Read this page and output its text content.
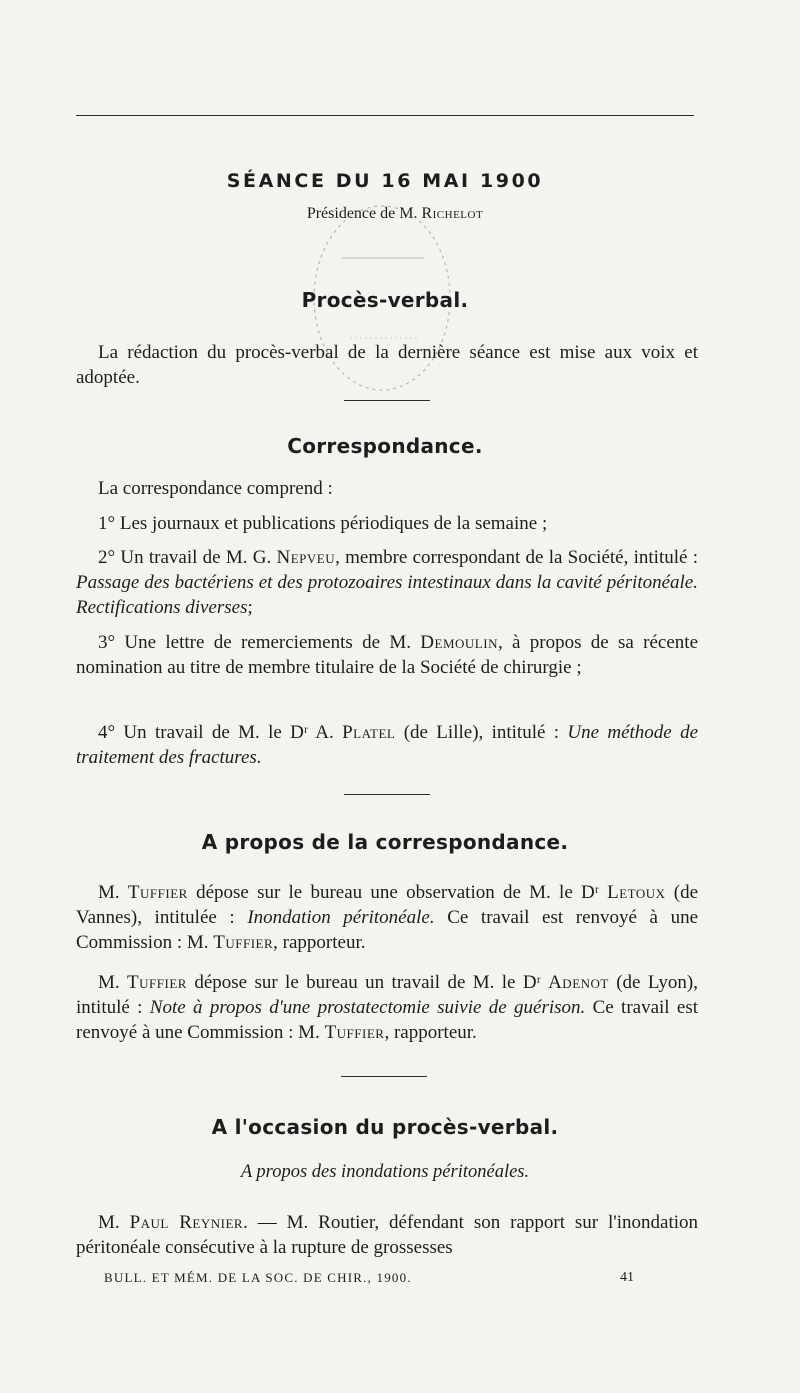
SÉANCE DU 16 MAI 1900
Présidence de M. Richelot
Procès-verbal.

La rédaction du procès-verbal de la dernière séance est mise aux voix et adoptée.

Correspondance.

La correspondance comprend :

1° Les journaux et publications périodiques de la semaine ;

2° Un travail de M. G. Nepveu, membre correspondant de la Société, intitulé : Passage des bactériens et des protozoaires intestinaux dans la cavité péritonéale. Rectifications diverses;

3° Une lettre de remerciements de M. Demoulin, à propos de sa récente nomination au titre de membre titulaire de la Société de chirurgie ;

4° Un travail de M. le Dʳ A. Platel (de Lille), intitulé : Une méthode de traitement des fractures.

A propos de la correspondance.

M. Tuffier dépose sur le bureau une observation de M. le Dʳ Letoux (de Vannes), intitulée : Inondation péritonéale. Ce travail est renvoyé à une Commission : M. Tuffier, rapporteur.

M. Tuffier dépose sur le bureau un travail de M. le Dʳ Adenot (de Lyon), intitulé : Note à propos d'une prostatectomie suivie de guérison. Ce travail est renvoyé à une Commission : M. Tuffier, rapporteur.

A l'occasion du procès-verbal.
A propos des inondations péritonéales.

M. Paul Reynier. — M. Routier, défendant son rapport sur l'inondation péritonéale consécutive à la rupture de grossesses

BULL. ET MÉM. DE LA SOC. DE CHIR., 1900.	41
